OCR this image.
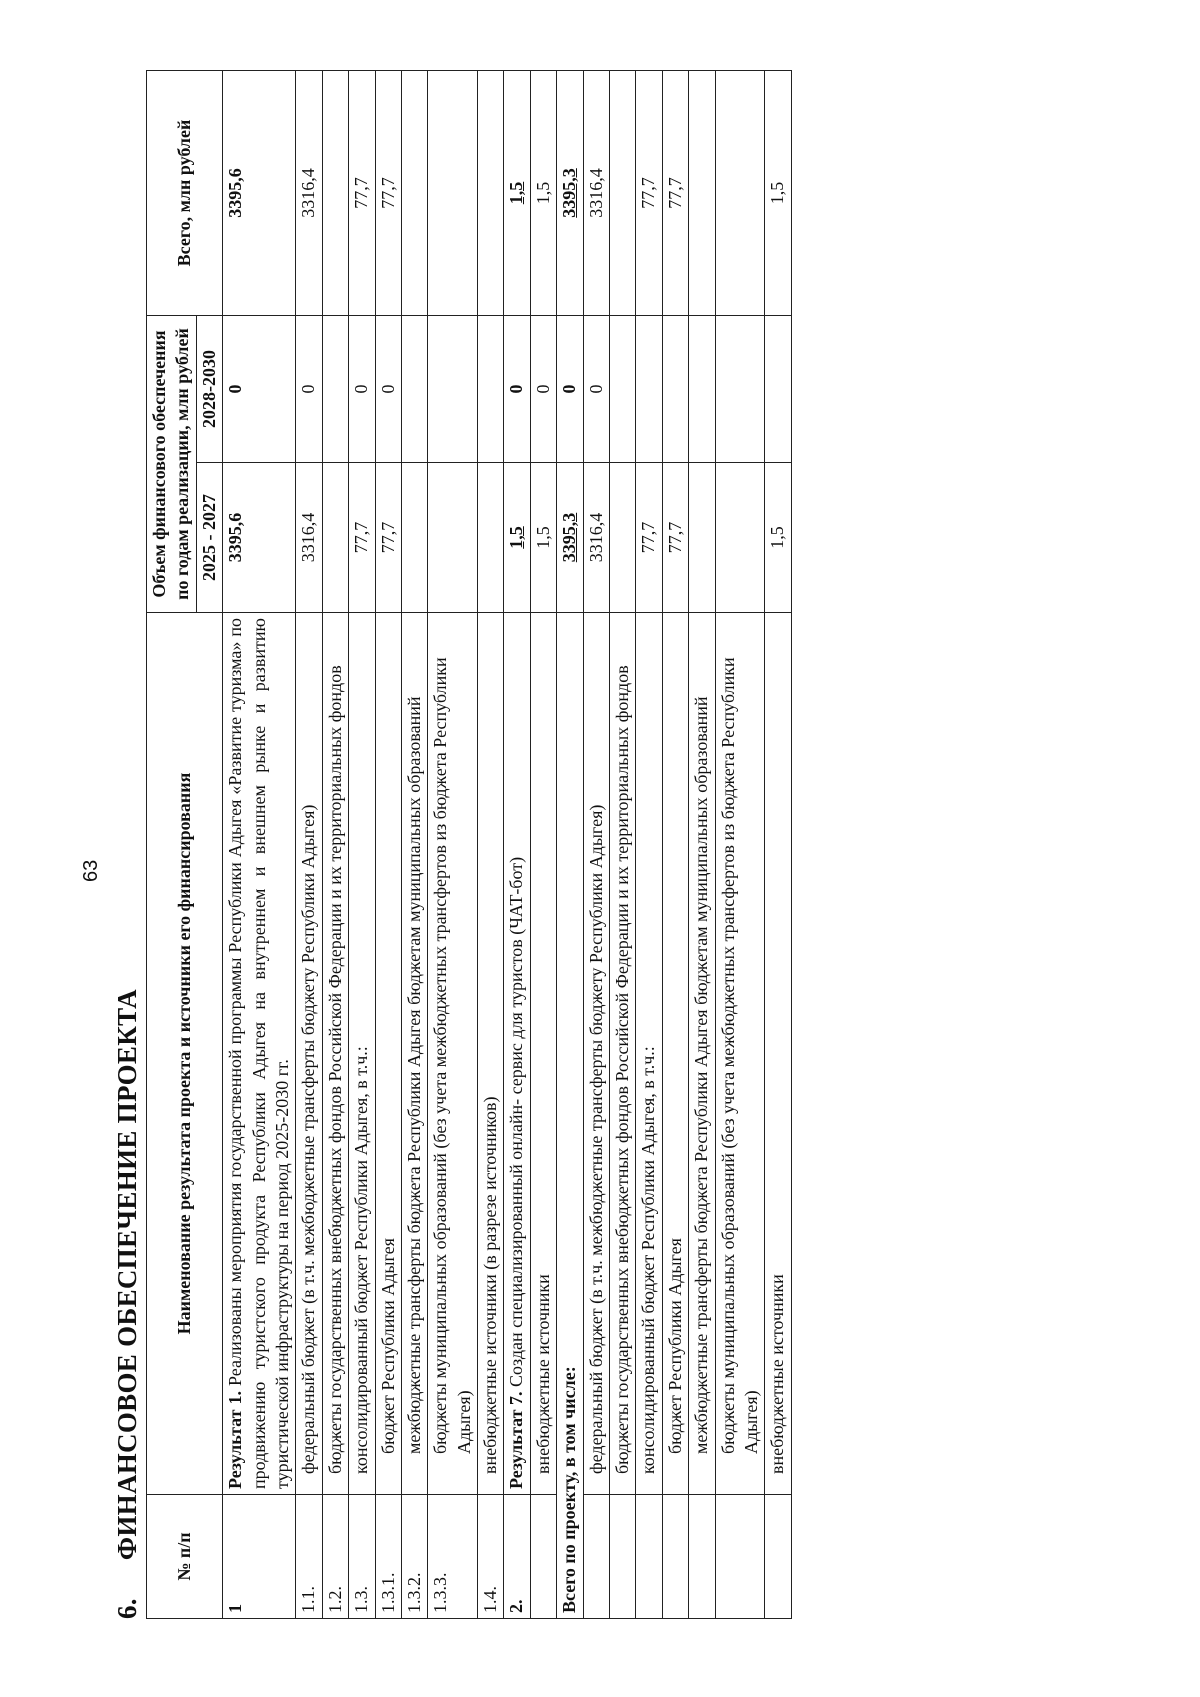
63
6.ФИНАНСОВОЕ ОБЕСПЕЧЕНИЕ ПРОЕКТА № п/п	Наименование результата проекта и источники его финансирования	Объем финансового обеспечения по годам реализации, млн рублей		Всего, млн рублей
		2025 - 2027	2028-2030	
1	Результат 1. Реализованы мероприятия государственной программы Республики Адыгея «Развитие туризма» по продвижению туристского продукта Республики Адыгея на внутреннем и внешнем рынке и развитию туристической инфраструктуры на период 2025-2030 гг.	3395,6	0	3395,6
1.1.	федеральный бюджет (в т.ч. межбюджетные трансферты бюджету Республики Адыгея)	3316,4	0	3316,4
1.2.	бюджеты государственных внебюджетных фондов Российской Федерации и их территориальных фондов			
1.3.	консолидированный бюджет Республики Адыгея, в т.ч.:	77,7	0	77,7
1.3.1.	бюджет Республики Адыгея	77,7	0	77,7
1.3.2.	межбюджетные трансферты бюджета Республики Адыгея бюджетам муниципальных образований			
1.3.3.	бюджеты муниципальных образований (без учета межбюджетных трансфертов из бюджета Республики Адыгея)			
1.4.	внебюджетные источники (в разрезе источников)			
2.	Результат 7. Создан специализированный онлайн- сервис для туристов (ЧАТ-бот)	1,5	0	1,5
	внебюджетные источники	1,5	0	1,5
Всего по проекту, в том числе:		3395,3	0	3395,3
	федеральный бюджет (в т.ч. межбюджетные трансферты бюджету Республики Адыгея)	3316,4	0	3316,4
	бюджеты государственных внебюджетных фондов Российской Федерации и их территориальных фондов			
	консолидированный бюджет Республики Адыгея, в т.ч.:	77,7		77,7
	бюджет Республики Адыгея	77,7		77,7
	межбюджетные трансферты бюджета Республики Адыгея бюджетам муниципальных образований			
	бюджеты муниципальных образований (без учета межбюджетных трансфертов из бюджета Республики Адыгея)			
	внебюджетные источники	1,5		1,5
